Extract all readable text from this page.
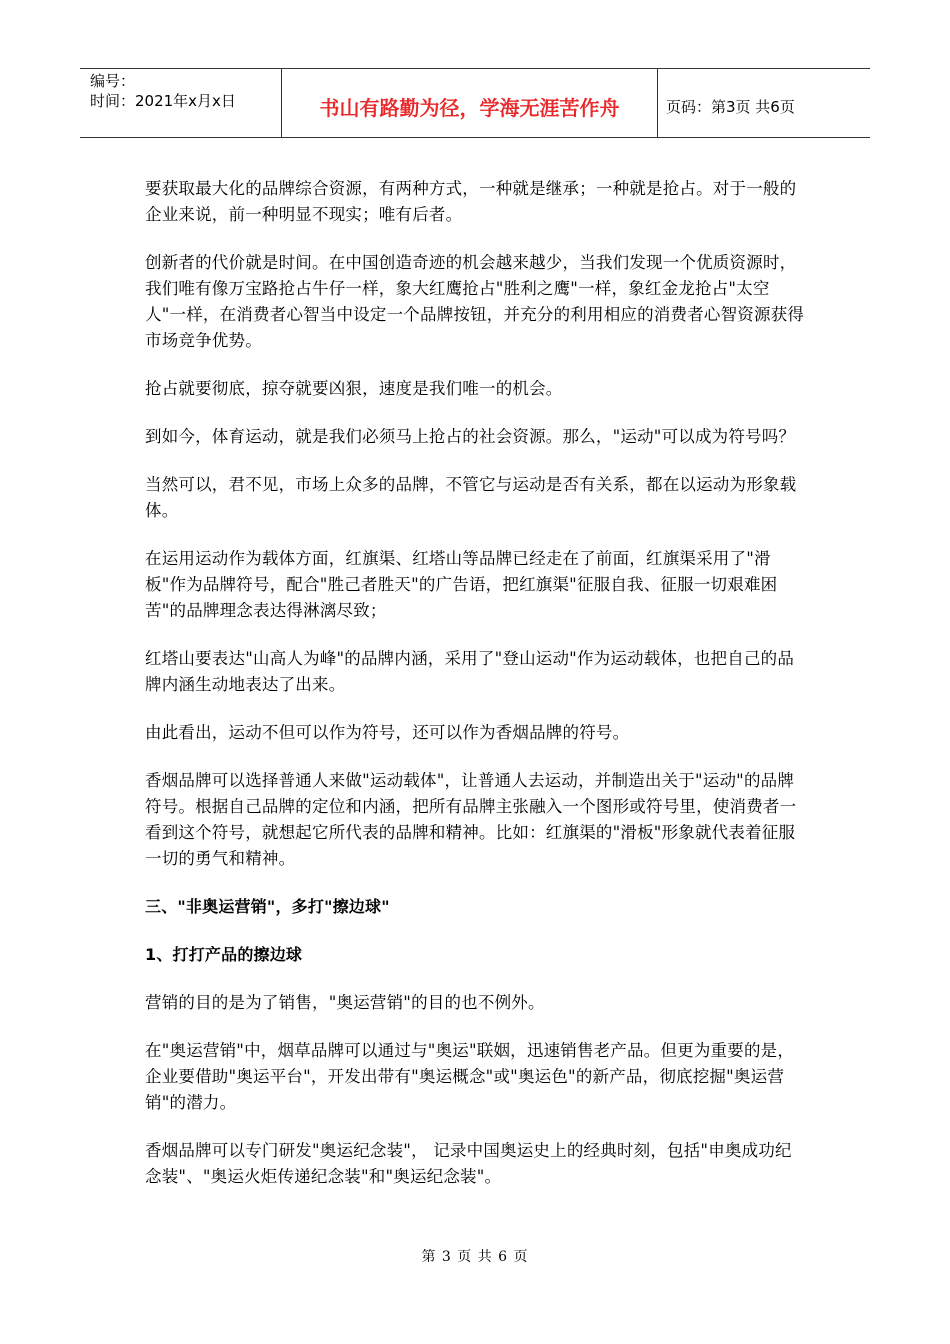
编号：
时间：2021年x月x日	书山有路勤为径，学海无涯苦作舟	页码：第3页 共6页

要获取最大化的品牌综合资源，有两种方式，一种就是继承；一种就是抢占。对于一般的企业来说，前一种明显不现实；唯有后者。

创新者的代价就是时间。在中国创造奇迹的机会越来越少，当我们发现一个优质资源时，我们唯有像万宝路抢占牛仔一样，象大红鹰抢占"胜利之鹰"一样，象红金龙抢占"太空人"一样，在消费者心智当中设定一个品牌按钮，并充分的利用相应的消费者心智资源获得市场竞争优势。

抢占就要彻底，掠夺就要凶狠，速度是我们唯一的机会。

到如今，体育运动，就是我们必须马上抢占的社会资源。那么，"运动"可以成为符号吗？

当然可以，君不见，市场上众多的品牌，不管它与运动是否有关系，都在以运动为形象载体。

在运用运动作为载体方面，红旗渠、红塔山等品牌已经走在了前面，红旗渠采用了"滑板"作为品牌符号，配合"胜己者胜天"的广告语，把红旗渠"征服自我、征服一切艰难困苦"的品牌理念表达得淋漓尽致；

红塔山要表达"山高人为峰"的品牌内涵，采用了"登山运动"作为运动载体，也把自己的品牌内涵生动地表达了出来。

由此看出，运动不但可以作为符号，还可以作为香烟品牌的符号。

香烟品牌可以选择普通人来做"运动载体"，让普通人去运动，并制造出关于"运动"的品牌符号。根据自己品牌的定位和内涵，把所有品牌主张融入一个图形或符号里，使消费者一看到这个符号，就想起它所代表的品牌和精神。比如：红旗渠的"滑板"形象就代表着征服一切的勇气和精神。

三、"非奥运营销"，多打"擦边球"

1、打打产品的擦边球

营销的目的是为了销售，"奥运营销"的目的也不例外。

在"奥运营销"中，烟草品牌可以通过与"奥运"联姻，迅速销售老产品。但更为重要的是，企业要借助"奥运平台"，开发出带有"奥运概念"或"奥运色"的新产品，彻底挖掘"奥运营销"的潜力。

香烟品牌可以专门研发"奥运纪念装"， 记录中国奥运史上的经典时刻，包括"申奥成功纪念装"、"奥运火炬传递纪念装"和"奥运纪念装"。

第 3 页 共 6 页
